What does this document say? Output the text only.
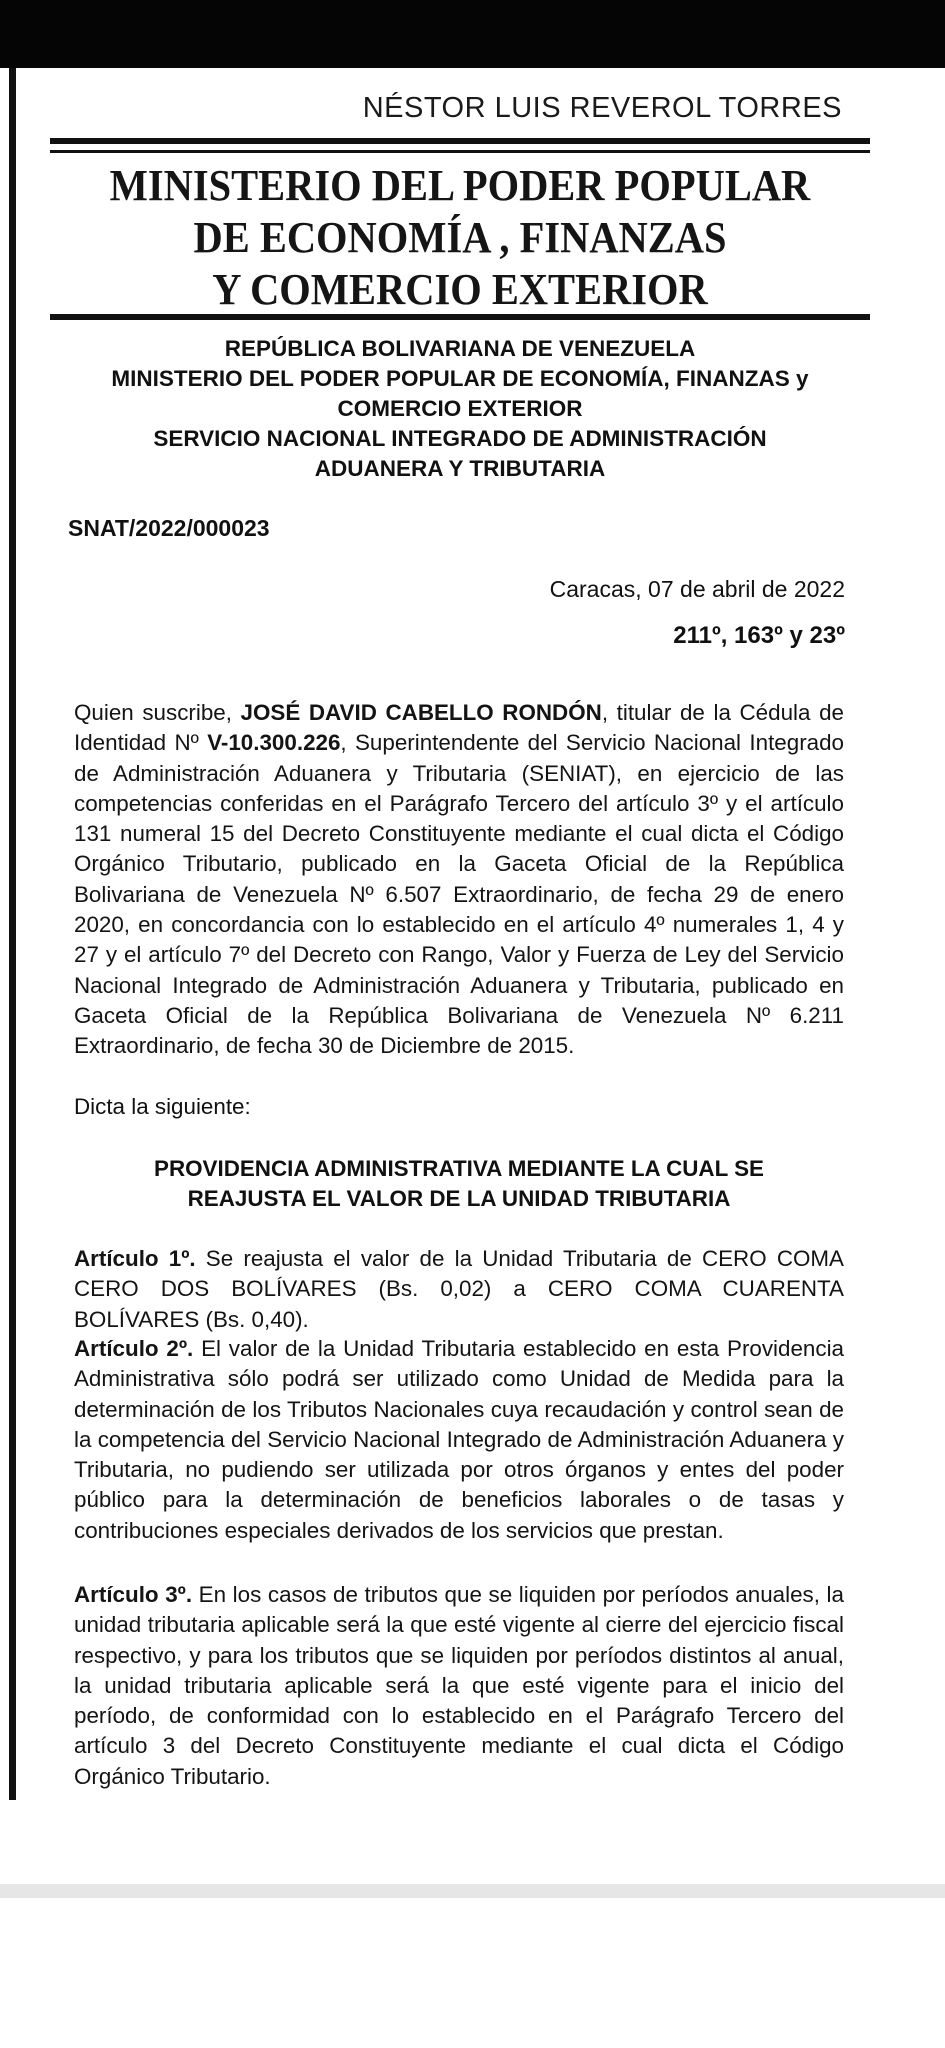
NÉSTOR LUIS REVEROL TORRES
MINISTERIO DEL PODER POPULAR
DE ECONOMÍA , FINANZAS
Y COMERCIO EXTERIOR
REPÚBLICA BOLIVARIANA DE VENEZUELA
MINISTERIO DEL PODER POPULAR DE ECONOMÍA, FINANZAS y
COMERCIO EXTERIOR
SERVICIO NACIONAL INTEGRADO DE ADMINISTRACIÓN
ADUANERA Y TRIBUTARIA
SNAT/2022/000023
Caracas, 07 de abril de 2022
211º, 163º y 23º
Quien suscribe, JOSÉ DAVID CABELLO RONDÓN, titular de la Cédula de Identidad Nº V-10.300.226, Superintendente del Servicio Nacional Integrado de Administración Aduanera y Tributaria (SENIAT), en ejercicio de las competencias conferidas en el Parágrafo Tercero del artículo 3º y el artículo 131 numeral 15 del Decreto Constituyente mediante el cual dicta el Código Orgánico Tributario, publicado en la Gaceta Oficial de la República Bolivariana de Venezuela Nº 6.507 Extraordinario, de fecha 29 de enero 2020, en concordancia con lo establecido en el artículo 4º numerales 1, 4 y 27 y el artículo 7º del Decreto con Rango, Valor y Fuerza de Ley del Servicio Nacional Integrado de Administración Aduanera y Tributaria, publicado en Gaceta Oficial de la República Bolivariana de Venezuela Nº 6.211 Extraordinario, de fecha 30 de Diciembre de 2015.
Dicta la siguiente:
PROVIDENCIA ADMINISTRATIVA MEDIANTE LA CUAL SE
REAJUSTA EL VALOR DE LA UNIDAD TRIBUTARIA
Artículo 1º. Se reajusta el valor de la Unidad Tributaria de CERO COMA CERO DOS BOLÍVARES (Bs. 0,02) a CERO COMA CUARENTA BOLÍVARES (Bs. 0,40).
Artículo 2º. El valor de la Unidad Tributaria establecido en esta Providencia Administrativa sólo podrá ser utilizado como Unidad de Medida para la determinación de los Tributos Nacionales cuya recaudación y control sean de la competencia del Servicio Nacional Integrado de Administración Aduanera y Tributaria, no pudiendo ser utilizada por otros órganos y entes del poder público para la determinación de beneficios laborales o de tasas y contribuciones especiales derivados de los servicios que prestan.
Artículo 3º. En los casos de tributos que se liquiden por períodos anuales, la unidad tributaria aplicable será la que esté vigente al cierre del ejercicio fiscal respectivo, y para los tributos que se liquiden por períodos distintos al anual, la unidad tributaria aplicable será la que esté vigente para el inicio del período, de conformidad con lo establecido en el Parágrafo Tercero del artículo 3 del Decreto Constituyente mediante el cual dicta el Código Orgánico Tributario.
